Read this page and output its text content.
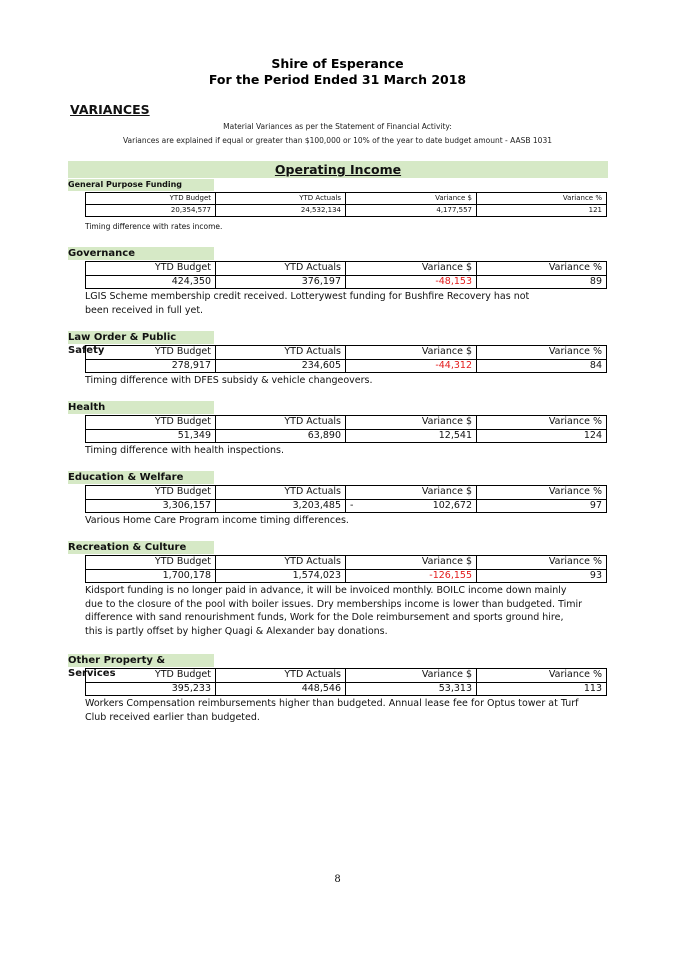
Shire of Esperance
For the Period Ended 31 March 2018
VARIANCES
Material Variances as per the Statement of Financial Activity:
Variances are explained if equal or greater than $100,000 or 10% of the year to date budget amount - AASB 1031
Operating Income
General Purpose Funding
YTD Budget	YTD Actuals	Variance $	Variance %
20,354,577	24,532,134	4,177,557	121
Timing difference with rates income.
Governance
YTD Budget	YTD Actuals	Variance $	Variance %
424,350	376,197	-48,153	89
LGIS Scheme membership credit received. Lotterywest funding for Bushfire Recovery has not
been received in full yet.
Law Order & Public Safety	YTD Budget	YTD Actuals	Variance $	Variance %
278,917	234,605	-44,312	84
Timing difference with DFES subsidy & vehicle changeovers.
Health
YTD Budget	YTD Actuals	Variance $	Variance %
51,349	63,890	12,541	124
Timing difference with health inspections.
Education & Welfare
YTD Budget	YTD Actuals	Variance $	Variance %
3,306,157	3,203,485	- 102,672	97
Various Home Care Program income timing differences.
Recreation & Culture
YTD Budget	YTD Actuals	Variance $	Variance %
1,700,178	1,574,023	-126,155	93
Kidsport funding is no longer paid in advance, it will be invoiced monthly. BOILC income down mainly
due to the closure of the pool with boiler issues. Dry memberships income is lower than budgeted. Timir
difference with sand renourishment funds, Work for the Dole reimbursement and sports ground hire,
this is partly offset by higher Quagi & Alexander bay donations.
Other Property & Services	YTD Budget	YTD Actuals	Variance $	Variance %
395,233	448,546	53,313	113
Workers Compensation reimbursements higher than budgeted. Annual lease fee for Optus tower at Turf
Club received earlier than budgeted.
8
